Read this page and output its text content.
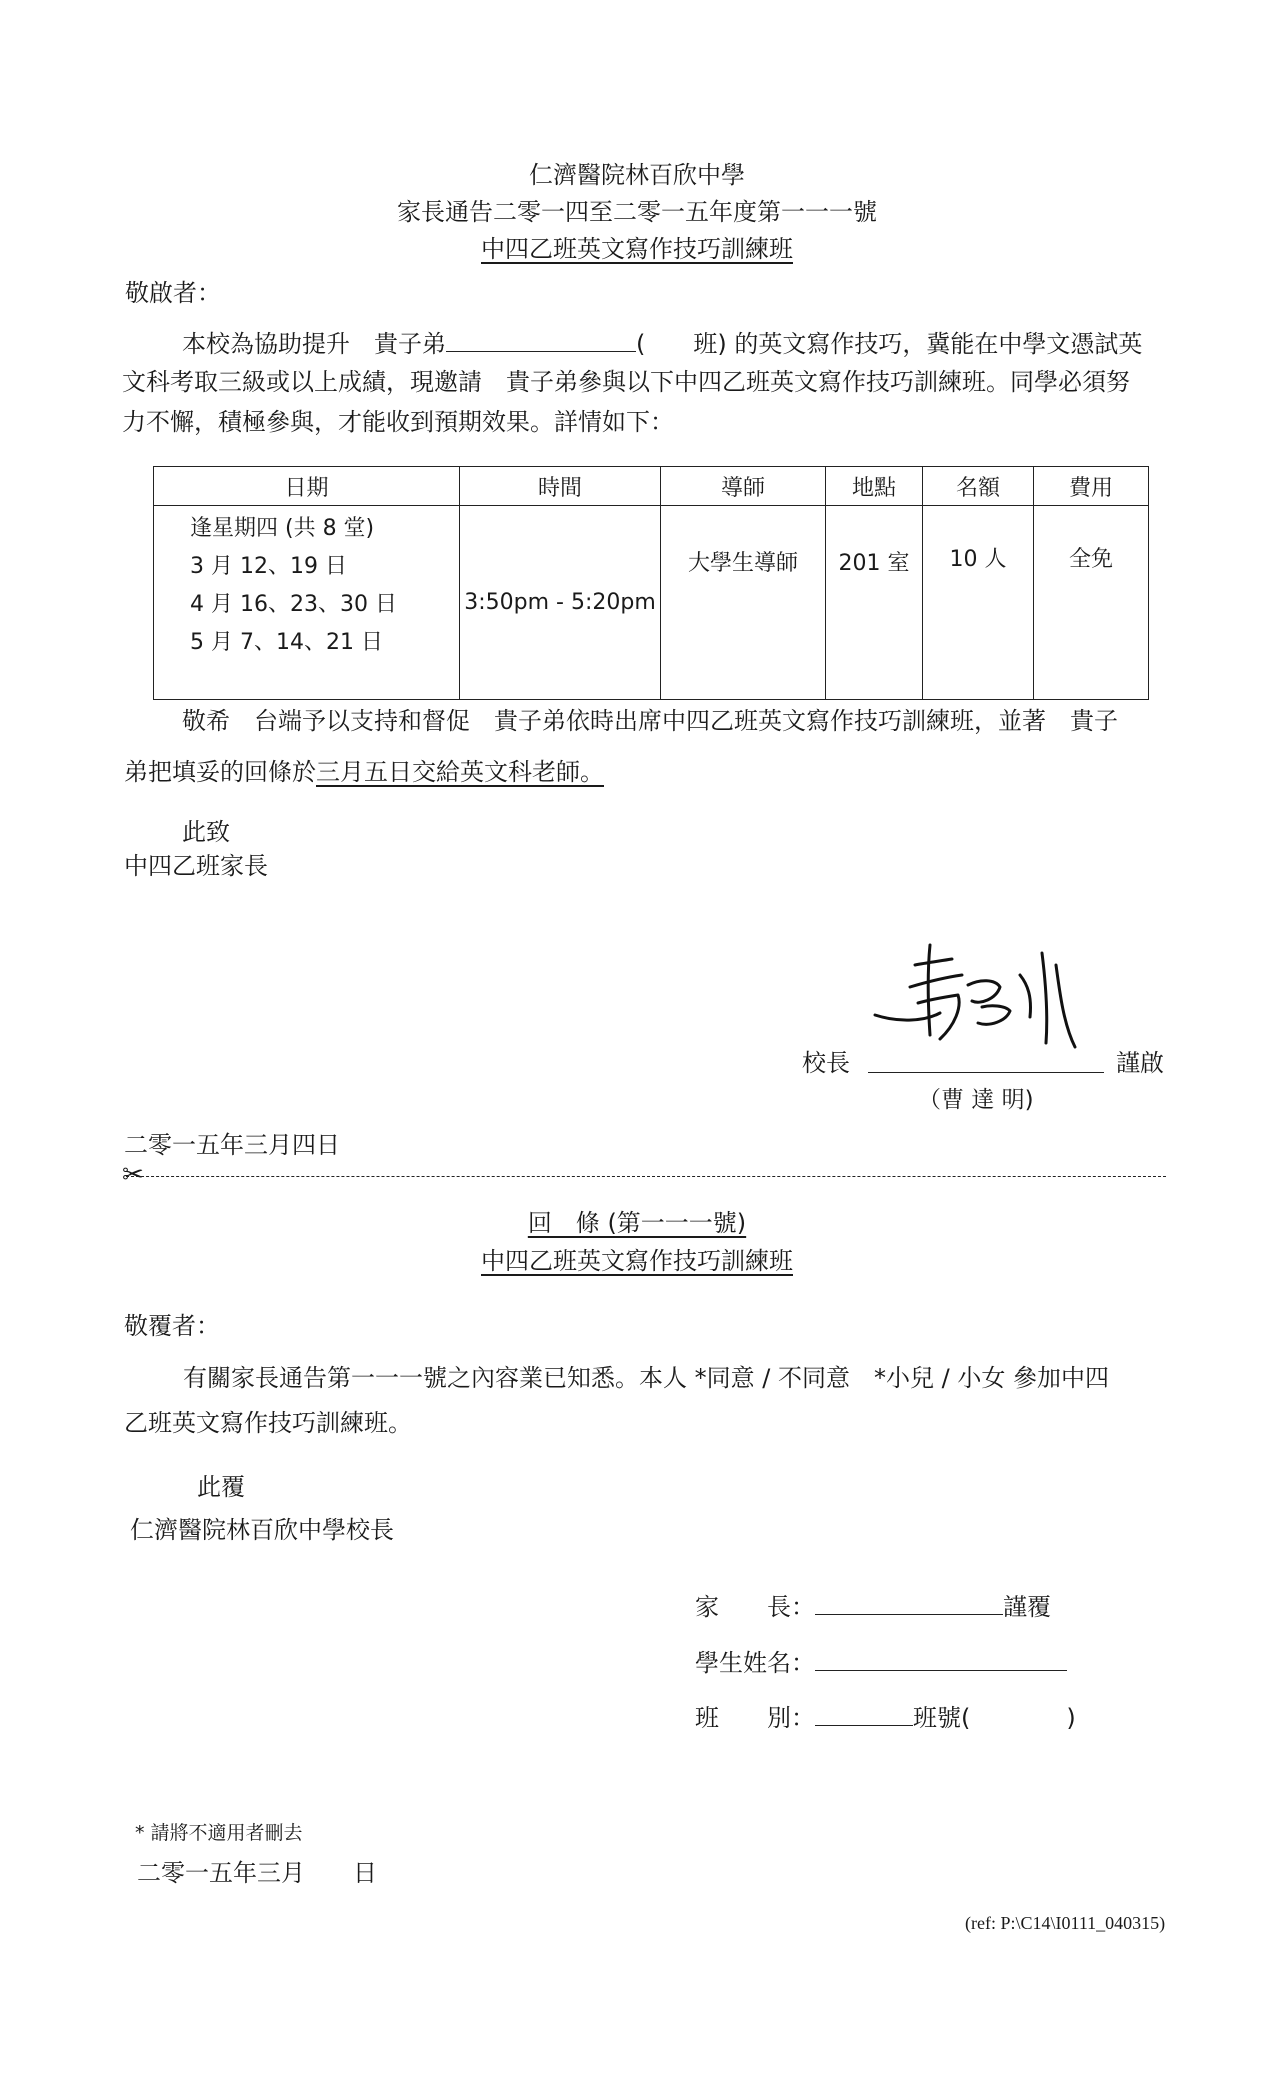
仁濟醫院林百欣中學
家長通告二零一四至二零一五年度第一一一號
中四乙班英文寫作技巧訓練班
敬啟者：
本校為協助提升　貴子弟	(　　班) 的英文寫作技巧，冀能在中學文憑試英
文科考取三級或以上成績，現邀請　貴子弟參與以下中四乙班英文寫作技巧訓練班。同學必須努
力不懈，積極參與，才能收到預期效果。詳情如下：
日期	時間	導師	地點	名額	費用

逢星期四 (共 8 堂)
3 月 12、19 日
4 月 16、23、30 日
5 月 7、14、21 日	3:50pm - 5:20pm	大學生導師	201 室	10 人	全免
敬希　台端予以支持和督促　貴子弟依時出席中四乙班英文寫作技巧訓練班，並著　貴子
弟把填妥的回條於三月五日交給英文科老師。
此致
中四乙班家長
校長	謹啟
（曹 達 明)
二零一五年三月四日
✂
回　條 (第一一一號)
中四乙班英文寫作技巧訓練班
敬覆者：
有關家長通告第一一一號之內容業已知悉。本人 *同意 / 不同意　*小兒 / 小女 參加中四
乙班英文寫作技巧訓練班。
此覆
仁濟醫院林百欣中學校長
家　　長：	謹覆
學生姓名：
班　　別：	班號(　　　　)
* 請將不適用者刪去
二零一五年三月　　日
(ref: P:\C14\I0111_040315)
